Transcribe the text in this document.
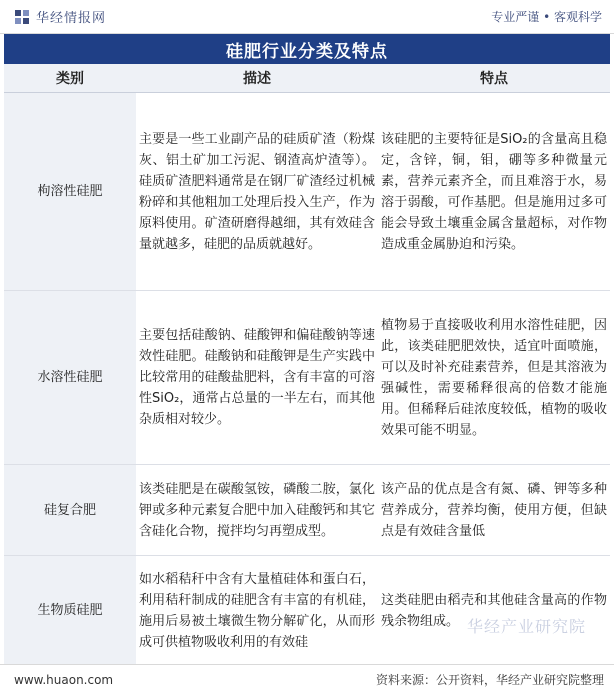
华经情报网	专业严谨 • 客观科学
硅肥行业分类及特点
类别	描述	特点
枸溶性硅肥	主要是一些工业副产品的硅质矿渣（粉煤灰、铝土矿加工污泥、钢渣高炉渣等）。硅质矿渣肥料通常是在钢厂矿渣经过机械粉碎和其他粗加工处理后投入生产，作为原料使用。矿渣研磨得越细，其有效硅含量就越多，硅肥的品质就越好。	该硅肥的主要特征是SiO₂的含量高且稳定，含锌，铜，钼，硼等多种微量元素，营养元素齐全，而且难溶于水，易溶于弱酸，可作基肥。但是施用过多可能会导致土壤重金属含量超标，对作物造成重金属胁迫和污染。
水溶性硅肥	主要包括硅酸钠、硅酸钾和偏硅酸钠等速效性硅肥。硅酸钠和硅酸钾是生产实践中比较常用的硅酸盐肥料，含有丰富的可溶性SiO₂，通常占总量的一半左右，而其他杂质相对较少。	植物易于直接吸收利用水溶性硅肥，因此，该类硅肥肥效快，适宜叶面喷施，可以及时补充硅素营养，但是其溶液为强碱性，需要稀释很高的倍数才能施用。但稀释后硅浓度较低，植物的吸收效果可能不明显。
硅复合肥	该类硅肥是在碳酸氢铵，磷酸二胺，氯化钾或多种元素复合肥中加入硅酸钙和其它含硅化合物，搅拌均匀再塑成型。	该产品的优点是含有氮、磷、钾等多种营养成分，营养均衡，使用方便，但缺点是有效硅含量低
生物质硅肥	如水稻秸秆中含有大量植硅体和蛋白石，利用秸秆制成的硅肥含有丰富的有机硅，施用后易被土壤微生物分解矿化，从而形成可供植物吸收利用的有效硅	这类硅肥由稻壳和其他硅含量高的作物残余物组成。 华经产业研究院
www.huaon.com	资料来源：公开资料，华经产业研究院整理
